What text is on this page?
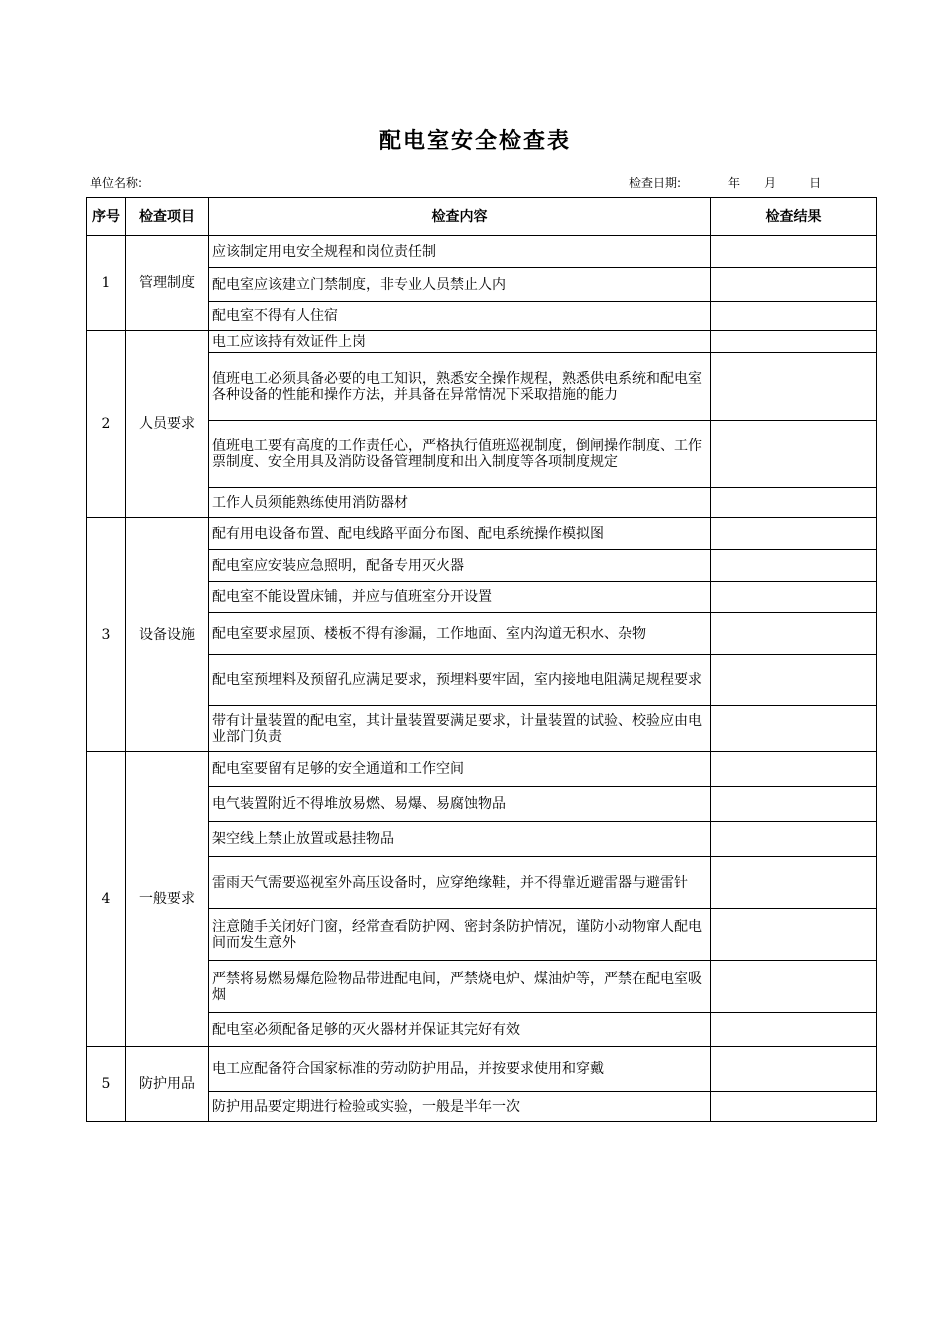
配电室安全检查表
单位名称:	检查日期:	年 月	日
序号	检查项目	检查内容	检查结果
1	管理制度	应该制定用电安全规程和岗位责任制	
		配电室应该建立门禁制度，非专业人员禁止人内	
		配电室不得有人住宿	
2	人员要求	电工应该持有效证件上岗	
		值班电工必须具备必要的电工知识，熟悉安全操作规程，熟悉供电系统和配电室各种设备的性能和操作方法，并具备在异常情况下采取措施的能力	
		值班电工要有高度的工作责任心，严格执行值班巡视制度，倒闸操作制度、工作票制度、安全用具及消防设备管理制度和出入制度等各项制度规定	
		工作人员须能熟练使用消防器材	
3	设备设施	配有用电设备布置、配电线路平面分布图、配电系统操作模拟图	
		配电室应安装应急照明，配备专用灭火器	
		配电室不能设置床铺，并应与值班室分开设置	
		配电室要求屋顶、楼板不得有渗漏，工作地面、室内沟道无积水、杂物	
		配电室预埋料及预留孔应满足要求，预埋料要牢固，室内接地电阻满足规程要求	
		带有计量装置的配电室，其计量装置要满足要求，计量装置的试验、校验应由电业部门负责	
4	一般要求	配电室要留有足够的安全通道和工作空间	
		电气装置附近不得堆放易燃、易爆、易腐蚀物品	
		架空线上禁止放置或悬挂物品	
		雷雨天气需要巡视室外高压设备时，应穿绝缘鞋，并不得靠近避雷器与避雷针	
		注意随手关闭好门窗，经常查看防护网、密封条防护情况，谨防小动物窜人配电间而发生意外	
		严禁将易燃易爆危险物品带进配电间，严禁烧电炉、煤油炉等，严禁在配电室吸烟	
		配电室必须配备足够的灭火器材并保证其完好有效	
5	防护用品	电工应配备符合国家标准的劳动防护用品，并按要求使用和穿戴	
		防护用品要定期进行检验或实验，一般是半年一次	
